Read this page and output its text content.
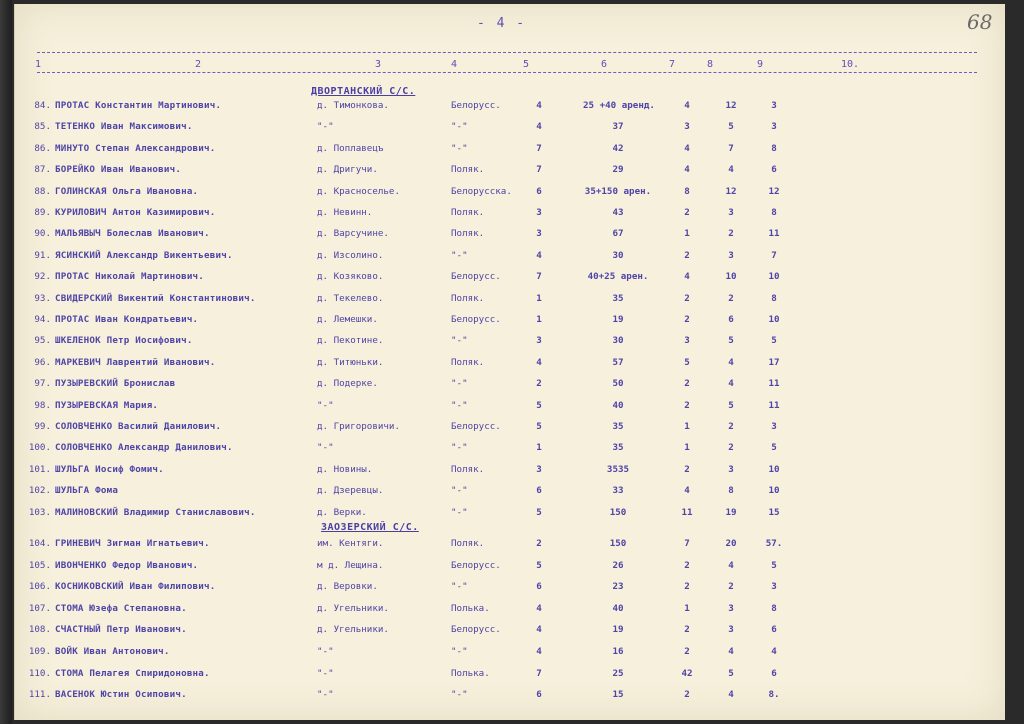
- 4 -	68
1	2	3	4	5	6	7	8	9	10.
ДВОРТАНСКИЙ С/С.
84. ПРОТАС Константин Мартинович.	д. Тимонкова.	Белорусс.	4	25 +40 аренд.	4	12	3
85. ТЕТЕНКО Иван Максимович.	"-"	"-"	4	37	3	5	3
86. МИНУТО Степан Александрович.	д. Поплавецъ	"-"	7	42	4	7	8
87. БОРЕЙКО Иван Иванович.	д. Дригучи.	Поляк.	7	29	4	4	6
88. ГОЛИНСКАЯ Ольга Ивановна.	д. Красноселье.	Белорусска.	6	35+150 арен.	8	12	12
89. КУРИЛОВИЧ Антон Казимирович.	д. Невинн.	Поляк.	3	43	2	3	8
90. МАЛЬЯВЫЧ Болеслав Иванович.	д. Варсучине.	Поляк.	3	67	1	2	11
91. ЯСИНСКИЙ Александр Викентьевич.	д. Изсолино.	"-"	4	30	2	3	7
92. ПРОТАС Николай Мартинович.	д. Козяково.	Белорусс.	7	40+25 арен.	4	10	10
93. СВИДЕРСКИЙ Викентий Константинович.	д. Текелево.	Поляк.	1	35	2	2	8
94. ПРОТАС Иван Кондратьевич.	д. Лемешки.	Белорусс.	1	19	2	6	10
95. ШКЕЛЕНОК Петр Иосифович.	д. Пекотине.	"-"	3	30	3	5	5
96. МАРКЕВИЧ Лаврентий Иванович.	д. Титюньки.	Поляк.	4	57	5	4	17
97. ПУЗЫРЕВСКИЙ Бронислав	д. Подерке.	"-"	2	50	2	4	11
98. ПУЗЫРЕВСКАЯ Мария.	"-"	"-"	5	40	2	5	11
99. СОЛОВЧЕНКО Василий Данилович.	д. Григоровичи.	Белорусс.	5	35	1	2	3
100. СОЛОВЧЕНКО Александр Данилович.	"-"	"-"	1	35	1	2	5
101. ШУЛЬГА Иосиф Фомич.	д. Новины.	Поляк.	3	3535	2	3	10
102. ШУЛЬГА Фома	д. Дзеревцы.	"-"	6	33	4	8	10
103. МАЛИНОВСКИЙ Владимир Станиславович.	д. Верки.	"-"	5	150	11	19	15
ЗАОЗЕРСКИЙ С/С.
104. ГРИНЕВИЧ Зигман Игнатьевич.	им. Кентяги.	Поляк.	2	150	7	20	57.
105. ИВОНЧЕНКО Федор Иванович.	м д. Лещина.	Белорусс.	5	26	2	4	5
106. КОСНИКОВСКИЙ Иван Филипович.	д. Веровки.	"-"	6	23	2	2	3
107. СТОМА Юзефа Степановна.	д. Угельники.	Полька.	4	40	1	3	8
108. СЧАСТНЫЙ Петр Иванович.	д. Угельники.	Белорусс.	4	19	2	3	6
109. ВОЙК Иван Антонович.	"-"	"-"	4	16	2	4	4
110. СТОМА Пелагея Спиридоновна.	"-"	Полька.	7	25	42	5	6
111. ВАСЕНОК Юстин Осипович.	"-"	"-"	6	15	2	4	8.
